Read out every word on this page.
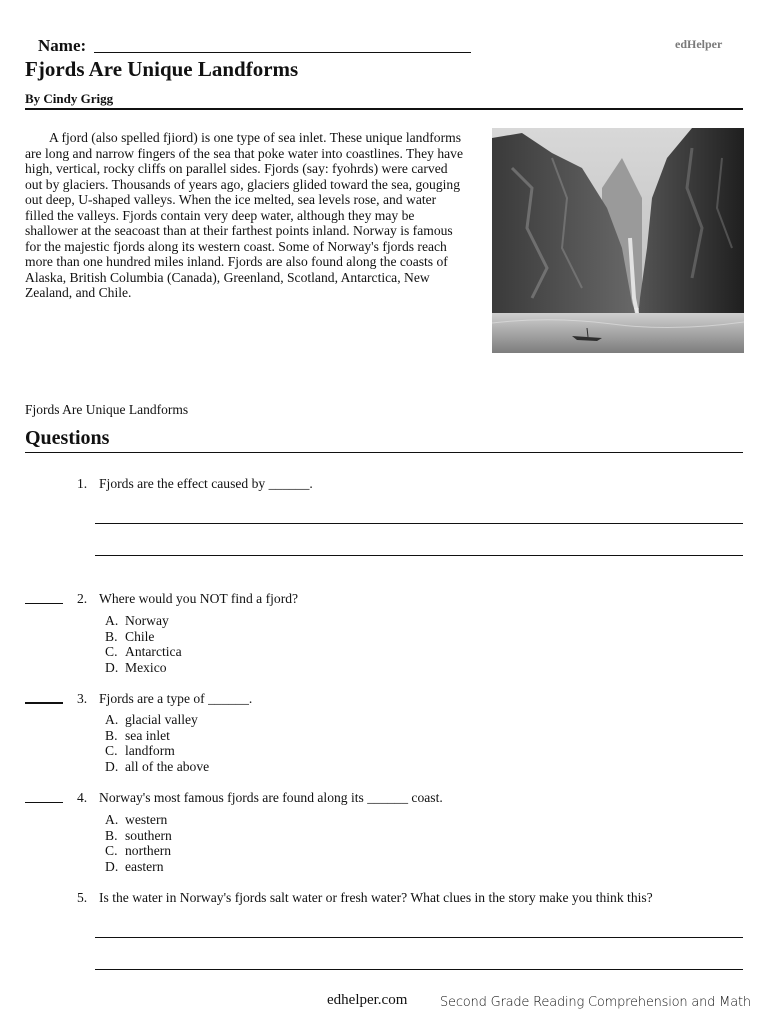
Name:	edHelper
Fjords Are Unique Landforms
By Cindy Grigg

A fjord (also spelled fjiord) is one type of sea inlet. These unique landforms are long and narrow fingers of the sea that poke water into coastlines. They have high, vertical, rocky cliffs on parallel sides. Fjords (say: fyohrds) were carved out by glaciers. Thousands of years ago, glaciers glided toward the sea, gouging out deep, U-shaped valleys. When the ice melted, sea levels rose, and water filled the valleys. Fjords contain very deep water, although they may be shallower at the seacoast than at their farthest points inland. Norway is famous for the majestic fjords along its western coast. Some of Norway's fjords reach more than one hundred miles inland. Fjords are also found along the coasts of Alaska, British Columbia (Canada), Greenland, Scotland, Antarctica, New Zealand, and Chile.

Fjords Are Unique Landforms
Questions
1. Fjords are the effect caused by ______.
2. Where would you NOT find a fjord?
A. Norway
B. Chile
C. Antarctica
D. Mexico
3. Fjords are a type of ______.
A. glacial valley
B. sea inlet
C. landform
D. all of the above
4. Norway's most famous fjords are found along its ______ coast.
A. western
B. southern
C. northern
D. eastern
5. Is the water in Norway's fjords salt water or fresh water? What clues in the story make you think this?
edhelper.com	Second Grade Reading Comprehension and Math
